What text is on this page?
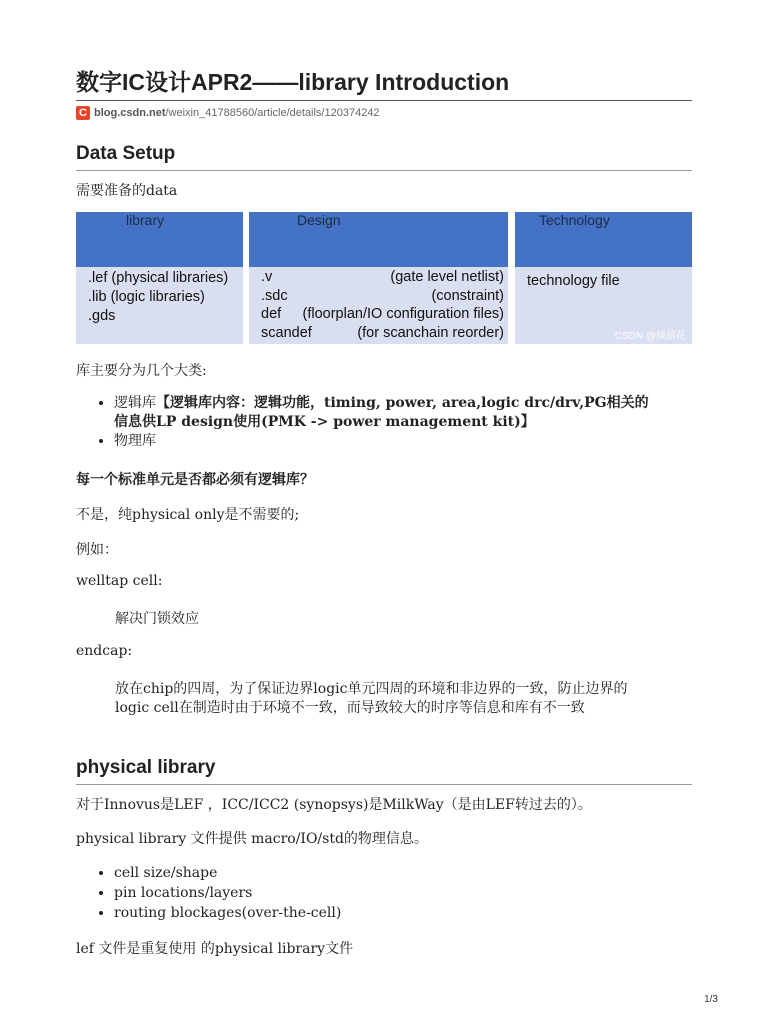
数字IC设计APR2——library Introduction
C blog.csdn.net /weixin_41788560/article/details/120374242
Data Setup
需要准备的data
library
.lef (physical libraries)
.lib (logic libraries)
.gds
Design
.v	(gate level netlist)
.sdc	(constraint)
def (floorplan/IO configuration files)
scandef	(for scanchain reorder)
Technology
technology file
CSDN @摘摘花
库主要分为几个大类:
• 逻辑库【逻辑库内容：逻辑功能，timing, power, area,logic drc/drv,PG相关的
信息供LP design使用(PMK -> power management kit)】
• 物理库
每一个标准单元是否都必须有逻辑库？
不是，纯physical only是不需要的;
例如：
welltap cell:
解决门锁效应
endcap:
放在chip的四周，为了保证边界logic单元四周的环境和非边界的一致，防止边界的
logic cell在制造时由于环境不一致，而导致较大的时序等信息和库有不一致
physical library
对于Innovus是LEF ，ICC/ICC2 (synopsys)是MilkWay（是由LEF转过去的）。
physical library 文件提供 macro/IO/std的物理信息。
• cell size/shape
• pin locations/layers
• routing blockages(over-the-cell)
lef 文件是重复使用 的physical library文件
1/3
